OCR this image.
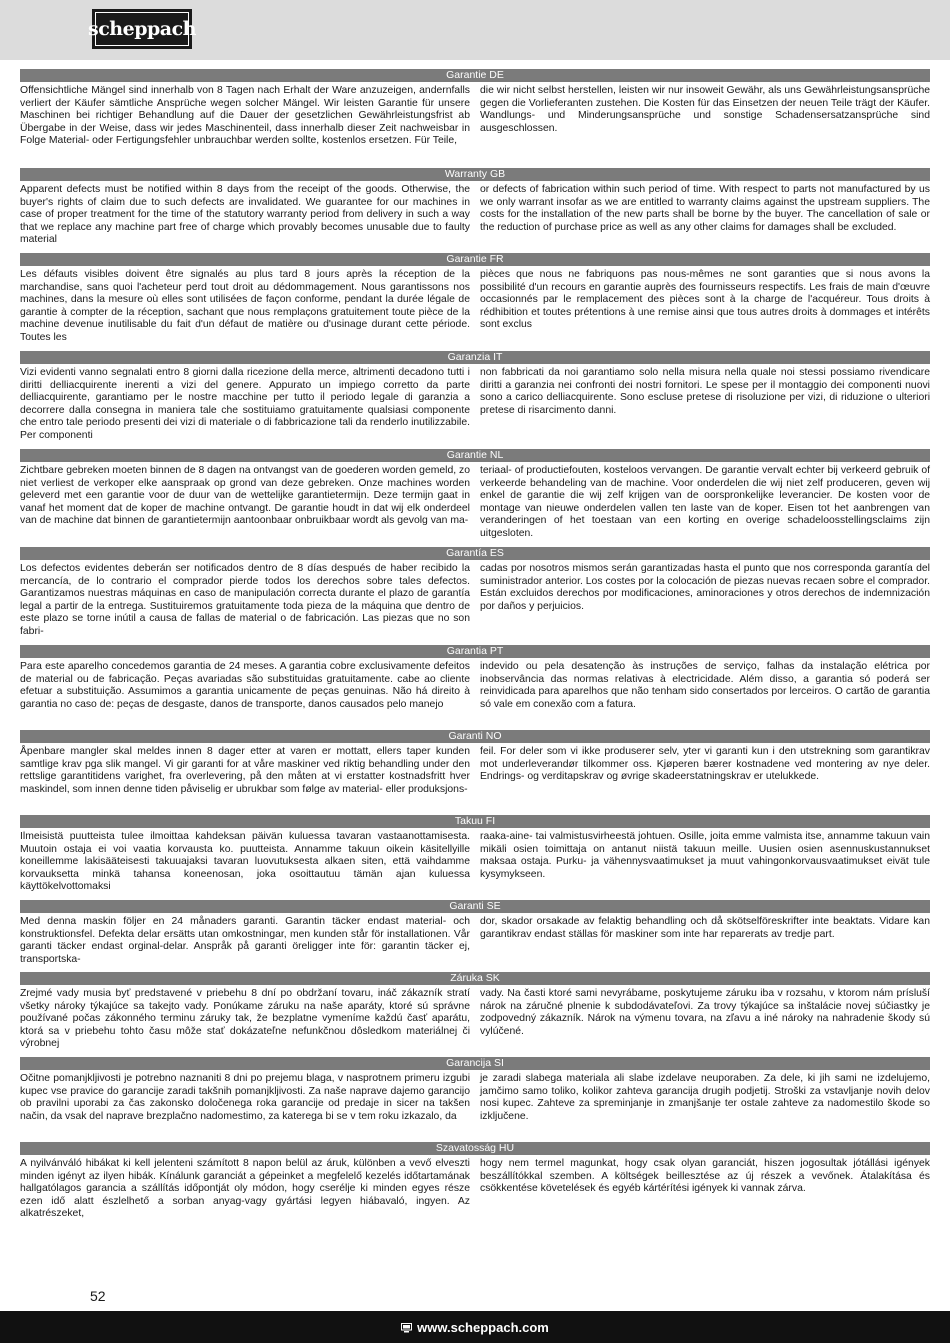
scheppach
Garantie DE

Offensichtliche Mängel sind innerhalb von 8 Tagen nach Erhalt der Ware anzuzeigen, andernfalls verliert der Käufer sämtliche Ansprüche wegen solcher Mängel. Wir leisten Garantie für unsere Maschinen bei richtiger Behandlung auf die Dauer der gesetzlichen Gewährleistungsfrist ab Übergabe in der Weise, dass wir jedes Maschinenteil, dass innerhalb dieser Zeit nachweisbar in Folge Material- oder Fertigungsfehler unbrauchbar werden sollte, kostenlos ersetzen. Für Teile,

die wir nicht selbst herstellen, leisten wir nur insoweit Gewähr, als uns Gewährleistungsansprüche gegen die Vorlieferanten zustehen. Die Kosten für das Einsetzen der neuen Teile trägt der Käufer. Wandlungs- und Minderungsansprüche und sonstige Schadensersatzansprüche sind ausgeschlossen.

Warranty GB

Apparent defects must be notified within 8 days from the receipt of the goods. Otherwise, the buyer's rights of claim due to such defects are invalidated. We guarantee for our machines in case of proper treatment for the time of the statutory warranty period from delivery in such a way that we replace any machine part free of charge which provably becomes unusable due to faulty material

or defects of fabrication within such period of time. With respect to parts not manufactured by us we only warrant insofar as we are entitled to warranty claims against the upstream suppliers. The costs for the installation of the new parts shall be borne by the buyer. The cancellation of sale or the reduction of purchase price as well as any other claims for damages shall be excluded.

Garantie FR

Les défauts visibles doivent être signalés au plus tard 8 jours après la réception de la marchandise, sans quoi l'acheteur perd tout droit au dédommagement. Nous garantissons nos machines, dans la mesure où elles sont utilisées de façon conforme, pendant la durée légale de garantie à compter de la réception, sachant que nous remplaçons gratuitement toute pièce de la machine devenue inutilisable du fait d'un défaut de matière ou d'usinage durant cette période. Toutes les

pièces que nous ne fabriquons pas nous-mêmes ne sont garanties que si nous avons la possibilité d'un recours en garantie auprès des fournisseurs respectifs. Les frais de main d'œuvre occasionnés par le remplacement des pièces sont à la charge de l'acquéreur. Tous droits à rédhibition et toutes prétentions à une remise ainsi que tous autres droits à dommages et intérêts sont exclus

Garanzia IT

Vizi evidenti vanno segnalati entro 8 giorni dalla ricezione della merce, altrimenti decadono tutti i diritti delliacquirente inerenti a vizi del genere. Appurato un impiego corretto da parte delliacquirente, garantiamo per le nostre macchine per tutto il periodo legale di garanzia a decorrere dalla consegna in maniera tale che sostituiamo gratuitamente qualsiasi componente che entro tale periodo presenti dei vizi di materiale o di fabbricazione tali da renderlo inutilizzabile. Per componenti

non fabbricati da noi garantiamo solo nella misura nella quale noi stessi possiamo rivendicare diritti a garanzia nei confronti dei nostri fornitori. Le spese per il montaggio dei componenti nuovi sono a carico delliacquirente. Sono escluse pretese di risoluzione per vizi, di riduzione o ulteriori pretese di risarcimento danni.

Garantie NL

Zichtbare gebreken moeten binnen de 8 dagen na ontvangst van de goederen worden gemeld, zo niet verliest de verkoper elke aanspraak op grond van deze gebreken. Onze machines worden geleverd met een garantie voor de duur van de wettelijke garantietermijn. Deze termijn gaat in vanaf het moment dat de koper de machine ontvangt. De garantie houdt in dat wij elk onderdeel van de machine dat binnen de garantietermijn aantoonbaar onbruikbaar wordt als gevolg van ma-

teriaal- of productiefouten, kosteloos vervangen. De garantie vervalt echter bij verkeerd gebruik of verkeerde behandeling van de machine. Voor onderdelen die wij niet zelf produceren, geven wij enkel de garantie die wij zelf krijgen van de oorspronkelijke leverancier. De kosten voor de montage van nieuwe onderdelen vallen ten laste van de koper. Eisen tot het aanbrengen van veranderingen of het toestaan van een korting en overige schadeloosstellingsclaims zijn uitgesloten.

Garantía ES

Los defectos evidentes deberán ser notificados dentro de 8 días después de haber recibido la mercancía, de lo contrario el comprador pierde todos los derechos sobre tales defectos. Garantizamos nuestras máquinas en caso de manipulación correcta durante el plazo de garantía legal a partir de la entrega. Sustituiremos gratuitamente toda pieza de la máquina que dentro de este plazo se torne inútil a causa de fallas de material o de fabricación. Las piezas que no son fabri-

cadas por nosotros mismos serán garantizadas hasta el punto que nos corresponda garantía del suministrador anterior. Los costes por la colocación de piezas nuevas recaen sobre el comprador. Están excluidos derechos por modificaciones, aminoraciones y otros derechos de indemnización por daños y perjuicios.

Garantia PT

Para este aparelho concedemos garantia de 24 meses. A garantia cobre exclusivamente defeitos de material ou de fabricação. Peças avariadas são substituidas gratuitamente. cabe ao cliente efetuar a substituição. Assumimos a garantia unicamente de peças genuinas. Não há direito à garantia no caso de: peças de desgaste, danos de transporte, danos causados pelo manejo

indevido ou pela desatenção às instruções de serviço, falhas da instalação elétrica por inobservância das normas relativas à electricidade. Além disso, a garantia só poderá ser reinvidicada para aparelhos que não tenham sido consertados por lerceiros. O cartão de garantia só vale em conexão com a fatura.

Garanti NO

Åpenbare mangler skal meldes innen 8 dager etter at varen er mottatt, ellers taper kunden samtlige krav pga slik mangel. Vi gir garanti for at våre maskiner ved riktig behandling under den rettslige garantitidens varighet, fra overlevering, på den måten at vi erstatter kostnadsfritt hver maskindel, som innen denne tiden påviselig er ubrukbar som følge av material- eller produksjons-

feil. For deler som vi ikke produserer selv, yter vi garanti kun i den utstrekning som garantikrav mot underleverandør tilkommer oss. Kjøperen bærer kostnadene ved montering av nye deler. Endrings- og verditapskrav og øvrige skadeerstatningskrav er utelukkede.

Takuu FI

Ilmeisistä puutteista tulee ilmoittaa kahdeksan päivän kuluessa tavaran vastaanottamisesta. Muutoin ostaja ei voi vaatia korvausta ko. puutteista. Annamme takuun oikein käsitellyille koneillemme lakisääteisesti takuuajaksi tavaran luovutuksesta alkaen siten, että vaihdamme korvauksetta minkä tahansa koneenosan, joka osoittautuu tämän ajan kuluessa käyttökelvottomaksi

raaka-aine- tai valmistusvirheestä johtuen. Osille, joita emme valmista itse, annamme takuun vain mikäli osien toimittaja on antanut niistä takuun meille. Uusien osien asennuskustannukset maksaa ostaja. Purku- ja vähennysvaatimukset ja muut vahingonkorvausvaatimukset eivät tule kysymykseen.

Garanti SE

Med denna maskin följer en 24 månaders garanti. Garantin täcker endast material- och konstruktionsfel. Defekta delar ersätts utan omkostningar, men kunden står för installationen. Vår garanti täcker endast orginal-delar. Anspråk på garanti öreligger inte för: garantin täcker ej, transportska-

dor, skador orsakade av felaktig behandling och då skötselföreskrifter inte beaktats. Vidare kan garantikrav endast ställas för maskiner som inte har reparerats av tredje part.

Záruka SK

Zrejmé vady musia byť predstavené v priebehu 8 dní po obdržaní tovaru, ináč zákazník stratí všetky nároky týkajúce sa takejto vady. Ponúkame záruku na naše aparáty, ktoré sú správne používané počas zákonného terminu záruky tak, že bezplatne vymeníme každú časť aparátu, ktorá sa v priebehu tohto času môže stať dokázateľne nefunkčnou dôsledkom materiálnej či výrobnej

vady. Na časti ktoré sami nevyrábame, poskytujeme záruku iba v rozsahu, v ktorom nám prísluší nárok na záručné plnenie k subdodávateľovi. Za trovy týkajúce sa inštalácie novej súčiastky je zodpovedný zákazník. Nárok na výmenu tovara, na zľavu a iné nároky na nahradenie škody sú vylúčené.

Garancija SI

Očitne pomanjkljivosti je potrebno naznaniti 8 dni po prejemu blaga, v nasprotnem primeru izgubi kupec vse pravice do garancije zaradi takšnih pomanjkljivosti. Za naše naprave dajemo garancijo ob pravilni uporabi za čas zakonsko določenega roka garancije od predaje in sicer na takšen način, da vsak del naprave brezplačno nadomestimo, za katerega bi se v tem roku izkazalo, da

je zaradi slabega materiala ali slabe izdelave neuporaben. Za dele, ki jih sami ne izdelujemo, jamčimo samo toliko, kolikor zahteva garancija drugih podjetij. Stroški za vstavljanje novih delov nosi kupec. Zahteve za spreminjanje in zmanjšanje ter ostale zahteve za nadomestilo škode so izključene.

Szavatosság HU

A nyilvánváló hibákat ki kell jelenteni számított 8 napon belül az áruk, különben a vevő elveszti minden igényt az ilyen hibák. Kínálunk garanciát a gépeinket a megfelelő kezelés időtartamának hallgatólagos garancia a szállítás időpontját oly módon, hogy cserélje ki minden egyes része ezen idő alatt észlelhető a sorban anyag-vagy gyártási legyen hiábavaló, ingyen. Az alkatrészeket,

hogy nem termel magunkat, hogy csak olyan garanciát, hiszen jogosultak jótállási igények beszállítókkal szemben. A költségek beillesztése az új részek a vevőnek. Átalakítása és csökkentése követelések és egyéb kártérítési igények ki vannak zárva.

52
www.scheppach.com
